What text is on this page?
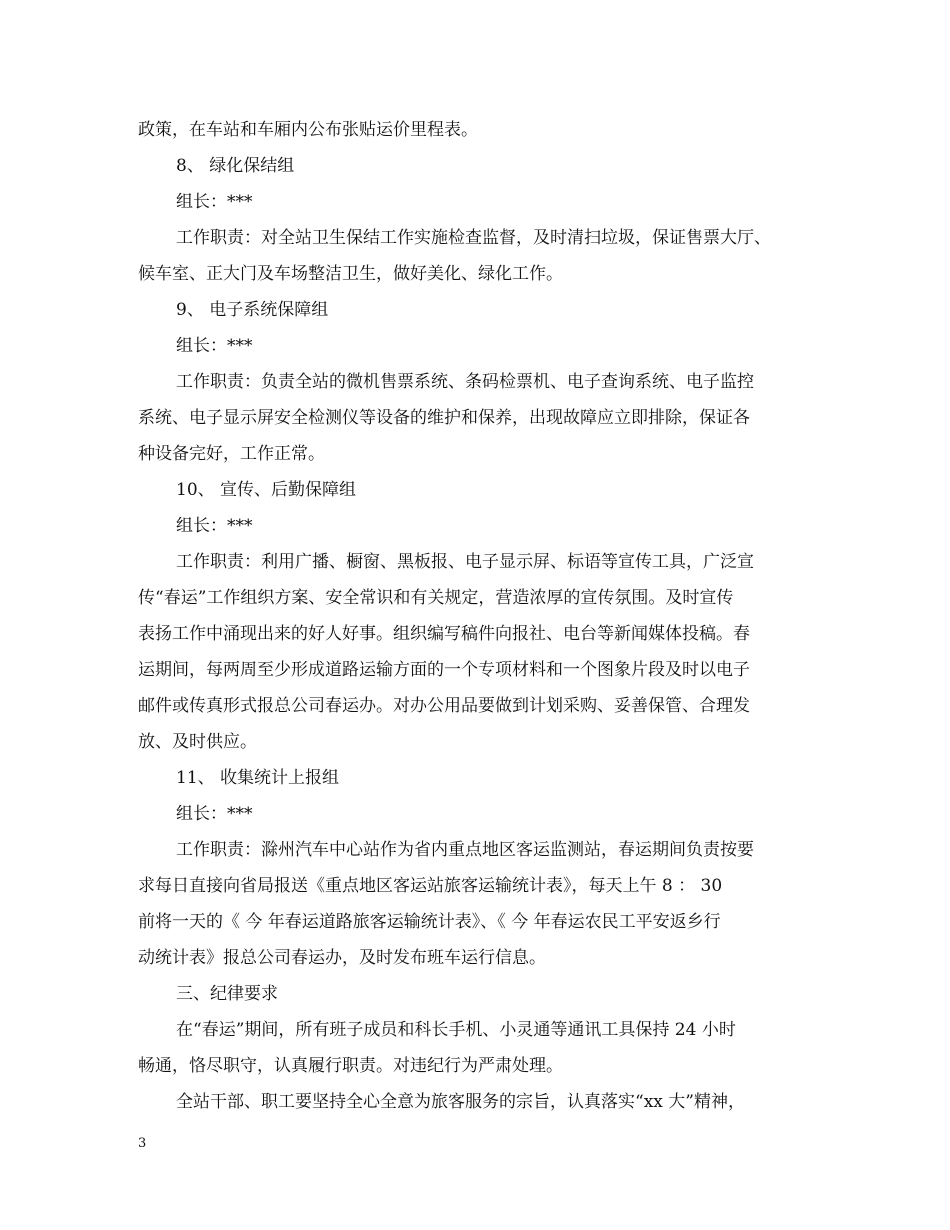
政策，在车站和车厢内公布张贴运价里程表。
8、 绿化保结组
组长：***
工作职责：对全站卫生保结工作实施检查监督，及时清扫垃圾，保证售票大厅、
候车室、正大门及车场整洁卫生，做好美化、绿化工作。
9、 电子系统保障组
组长：***
工作职责：负责全站的微机售票系统、条码检票机、电子查询系统、电子监控
系统、电子显示屏安全检测仪等设备的维护和保养，出现故障应立即排除，保证各
种设备完好，工作正常。
10、 宣传、后勤保障组
组长：***
工作职责：利用广播、橱窗、黑板报、电子显示屏、标语等宣传工具，广泛宣
传“春运”工作组织方案、安全常识和有关规定，营造浓厚的宣传氛围。及时宣传
表扬工作中涌现出来的好人好事。组织编写稿件向报社、电台等新闻媒体投稿。春
运期间，每两周至少形成道路运输方面的一个专项材料和一个图象片段及时以电子
邮件或传真形式报总公司春运办。对办公用品要做到计划采购、妥善保管、合理发
放、及时供应。
11、 收集统计上报组
组长：***
工作职责：滁州汽车中心站作为省内重点地区客运监测站，春运期间负责按要
求每日直接向省局报送《重点地区客运站旅客运输统计表》，每天上午 8 ： 30
前将一天的《 今 年春运道路旅客运输统计表》、《 今 年春运农民工平安返乡行
动统计表》报总公司春运办，及时发布班车运行信息。
三、纪律要求
在“春运”期间，所有班子成员和科长手机、小灵通等通讯工具保持 24 小时
畅通，恪尽职守，认真履行职责。对违纪行为严肃处理。
全站干部、职工要坚持全心全意为旅客服务的宗旨，认真落实“xx 大”精神，
3
